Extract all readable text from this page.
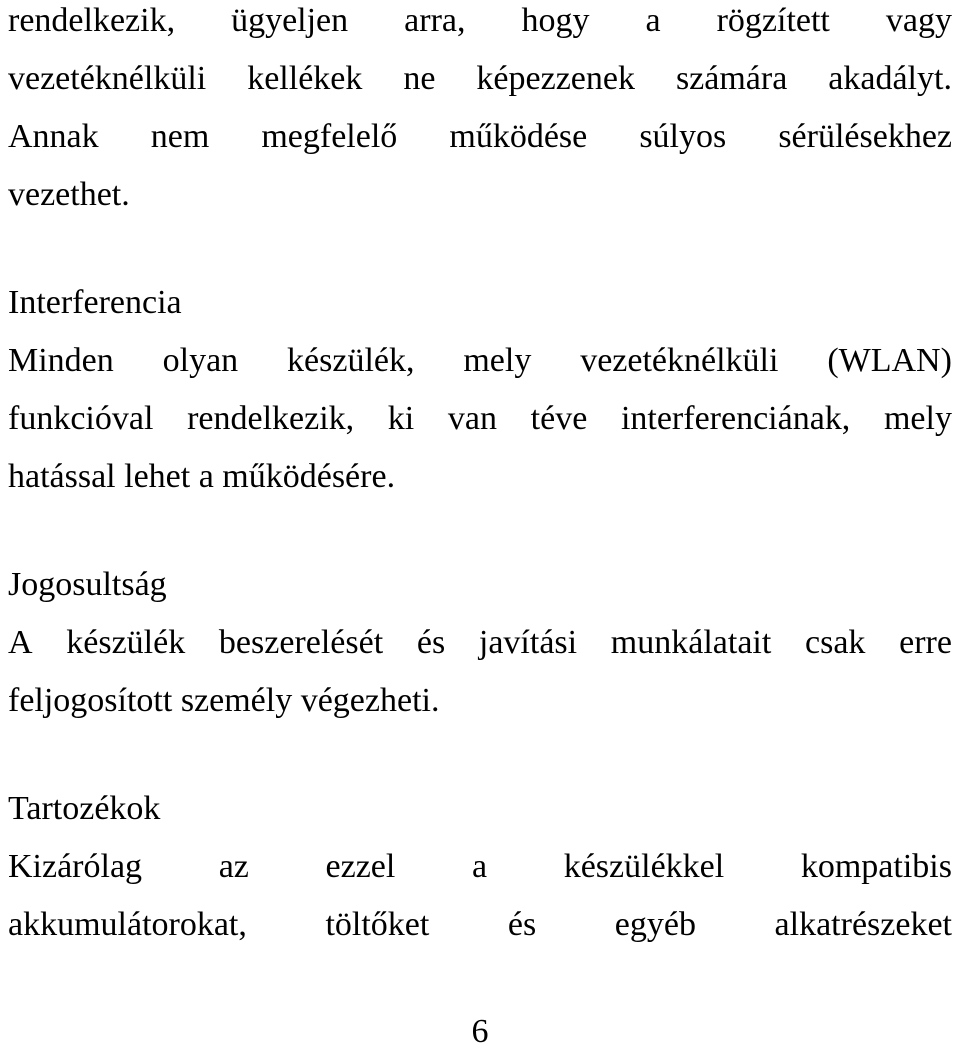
rendelkezik, ügyeljen arra, hogy a rögzített vagy
vezetéknélküli kellékek ne képezzenek számára akadályt.
Annak nem megfelelő működése súlyos sérülésekhez
vezethet.
Interferencia
Minden olyan készülék, mely vezetéknélküli (WLAN)
funkcióval rendelkezik, ki van téve interferenciának, mely
hatással lehet a működésére.
Jogosultság
A készülék beszerelését és javítási munkálatait csak erre
feljogosított személy végezheti.
Tartozékok
Kizárólag az ezzel a készülékkel kompatibis
akkumulátorokat, töltőket és egyéb alkatrészeket
6
